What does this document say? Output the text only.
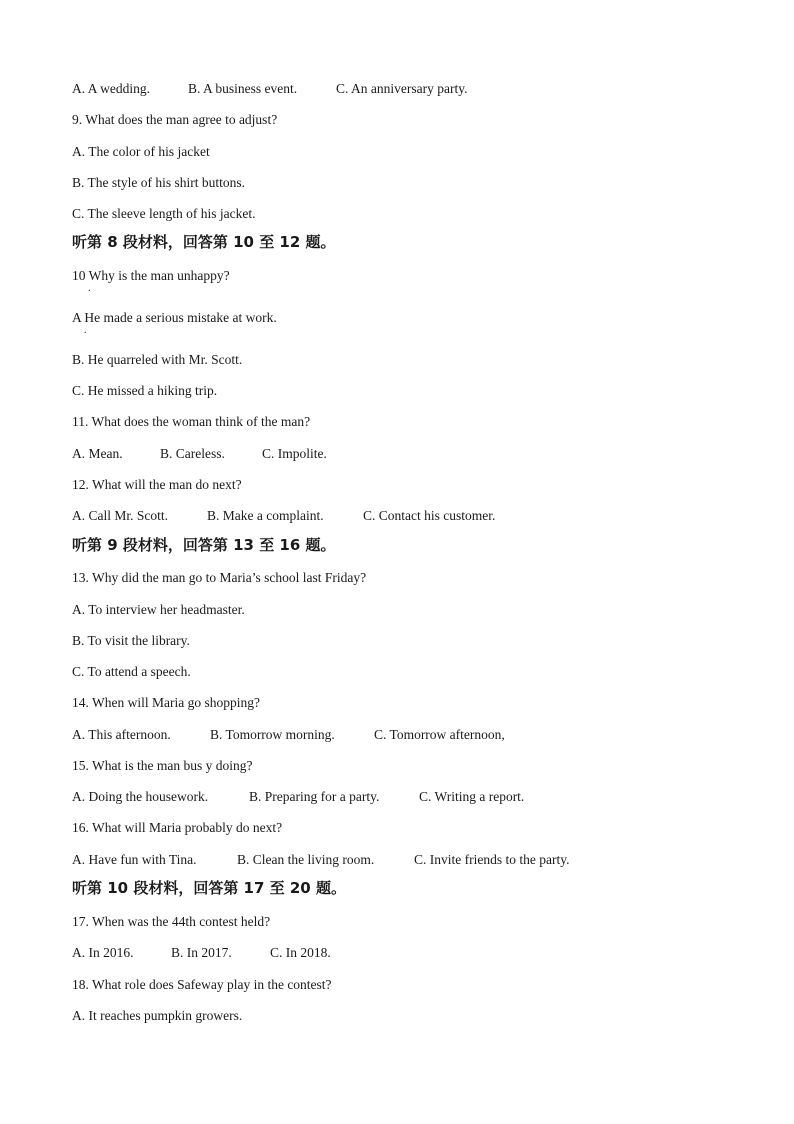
A. A wedding.	B. A business event.	C. An anniversary party.
9. What does the man agree to adjust?
A. The color of his jacket
B. The style of his shirt buttons.
C. The sleeve length of his jacket.
听第 8 段材料，回答第 10 至 12 题。
10 Why is the man unhappy?
A He made a serious mistake at work.
B. He quarreled with Mr. Scott.
C. He missed a hiking trip.
11. What does the woman think of the man?
A. Mean.	B. Careless.	C. Impolite.
12. What will the man do next?
A. Call Mr. Scott.	B. Make a complaint.	C. Contact his customer.
听第 9 段材料，回答第 13 至 16 题。
13. Why did the man go to Maria’s school last Friday?
A. To interview her headmaster.
B. To visit the library.
C. To attend a speech.
14. When will Maria go shopping?
A. This afternoon.	B. Tomorrow morning.	C. Tomorrow afternoon,
15. What is the man bus y doing?
A. Doing the housework.	B. Preparing for a party.	C. Writing a report.
16. What will Maria probably do next?
A. Have fun with Tina.	B. Clean the living room.	C. Invite friends to the party.
听第 10 段材料，回答第 17 至 20 题。
17. When was the 44th contest held?
A. In 2016.	B. In 2017.	C. In 2018.
18. What role does Safeway play in the contest?
A. It reaches pumpkin growers.
.
.
